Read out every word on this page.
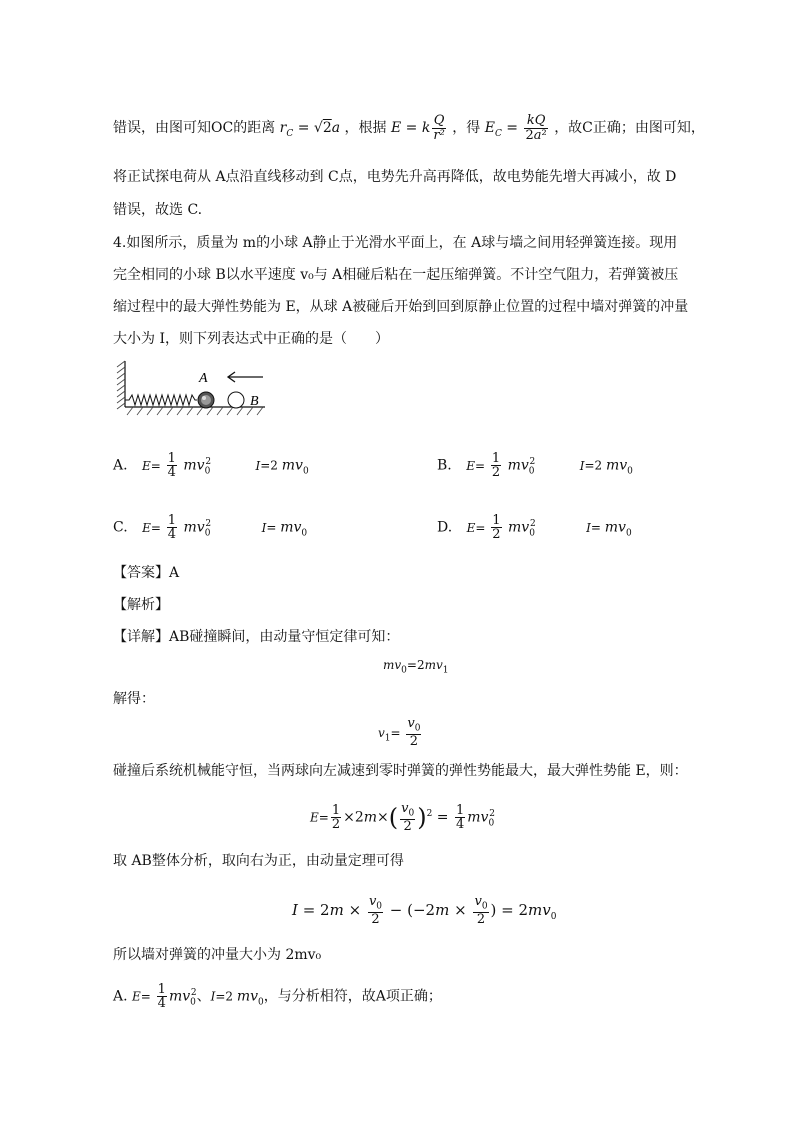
错误，由图可知OC的距离 $r_C = √2a$ ，根据 E = k $\frac{Q}{\text{r²}}$ ，得 $E_C = \frac{kQ}{\text{2a²}}$ ，故C正确；由图可知，
将正试探电荷从 A点沿直线移动到 C点，电势先升高再降低，故电势能先增大再减小，故 D
错误，故选 C.
4.如图所示，质量为 m的小球 A静止于光滑水平面上，在 A球与墙之间用轻弹簧连接。现用
完全相同的小球 B以水平速度 v₀与 A相碰后粘在一起压缩弹簧。不计空气阻力，若弹簧被压
缩过程中的最大弹性势能为 E，从球 A被碰后开始到回到原静止位置的过程中墙对弹簧的冲量
大小为 I，则下列表达式中正确的是（　　）
A
B
A. $E= \frac{1}{4} mv_0^2$	I=2 $mv_0$	B. $E= \frac{1}{2} mv_0^2$	I=2 $mv_0$
C. $E= \frac{1}{4} mv_0^2$	$I= mv_0$	D. $E= \frac{1}{2} mv_0^2$	$I= mv_0$
【答案】A
【解析】
【详解】AB碰撞瞬间，由动量守恒定律可知：
$mv_0=2mv_1$
解得：
$v_1= \frac{v_0}{2}$
碰撞后系统机械能守恒，当两球向左减速到零时弹簧的弹性势能最大，最大弹性势能 E，则：
$E= \frac{1}{2} \times 2m\times( \frac{v_0}{2} )^2 = \frac{1}{4} mv_0^2$
取 AB整体分析，取向右为正，由动量定理可得
$I = 2m \times \frac{v_0}{2} - (-2m \times \frac{v_0}{2}$ ) = $2mv_0$
所以墙对弹簧的冲量大小为 2mv₀
A. $E= \frac{1}{4} mv_0^2$、I=2 $mv_0$，与分析相符，故A项正确；
